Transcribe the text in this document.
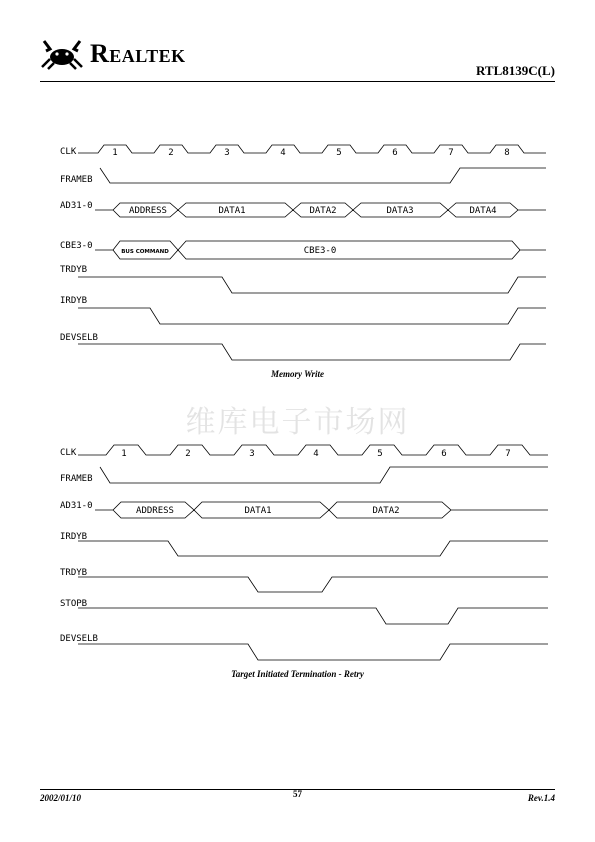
Realtek
RTL8139C(L)
CLK	1	2	3	4	5	6	7	8
FRAMEB
AD31-0	ADDRESS	DATA1	DATA2	DATA3	DATA4
CBE3-0
BUS COMMAND	CBE3-0
TRDYB
IRDYB
DEVSELB
Memory Write
维库电子市场网
CLK	1	2	3	4	5	6	7
FRAMEB
AD31-0	ADDRESS	DATA1	DATA2
IRDYB
TRDYB
STOPB
DEVSELB
Target Initiated Termination - Retry
2002/01/10	57	Rev.1.4
